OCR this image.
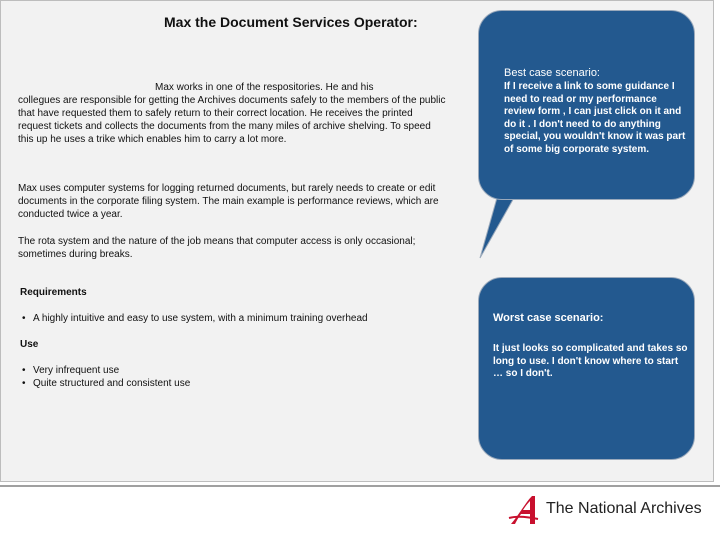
Max the Document Services Operator:

Max works in one of the respositories. He and his
collegues are responsible for getting the Archives documents safely to the members of the public that have requested them to safely return to their correct location. He receives the printed request tickets and collects the documents from the many miles of archive shelving. To speed this up he uses a trike which enables him to carry a lot more.

Max uses computer systems for logging returned documents, but rarely needs to create or edit documents in the corporate filing system. The main example is performance reviews, which are conducted twice a year.

The rota system and the nature of the job means that computer access is only occasional; sometimes during breaks.

Requirements
• A highly intuitive and easy to use system, with a minimum training overhead
Use
• Very infrequent use
• Quite structured and consistent use
Best case scenario:
If I receive a link to some guidance I need to read or my performance review form , I can just click on it and do it . I don't need to do anything special, you wouldn't know it was part of some big corporate system.
Worst case scenario:
It just looks so complicated and takes so long to use. I don't know where to start … so I don't.
The National Archives
